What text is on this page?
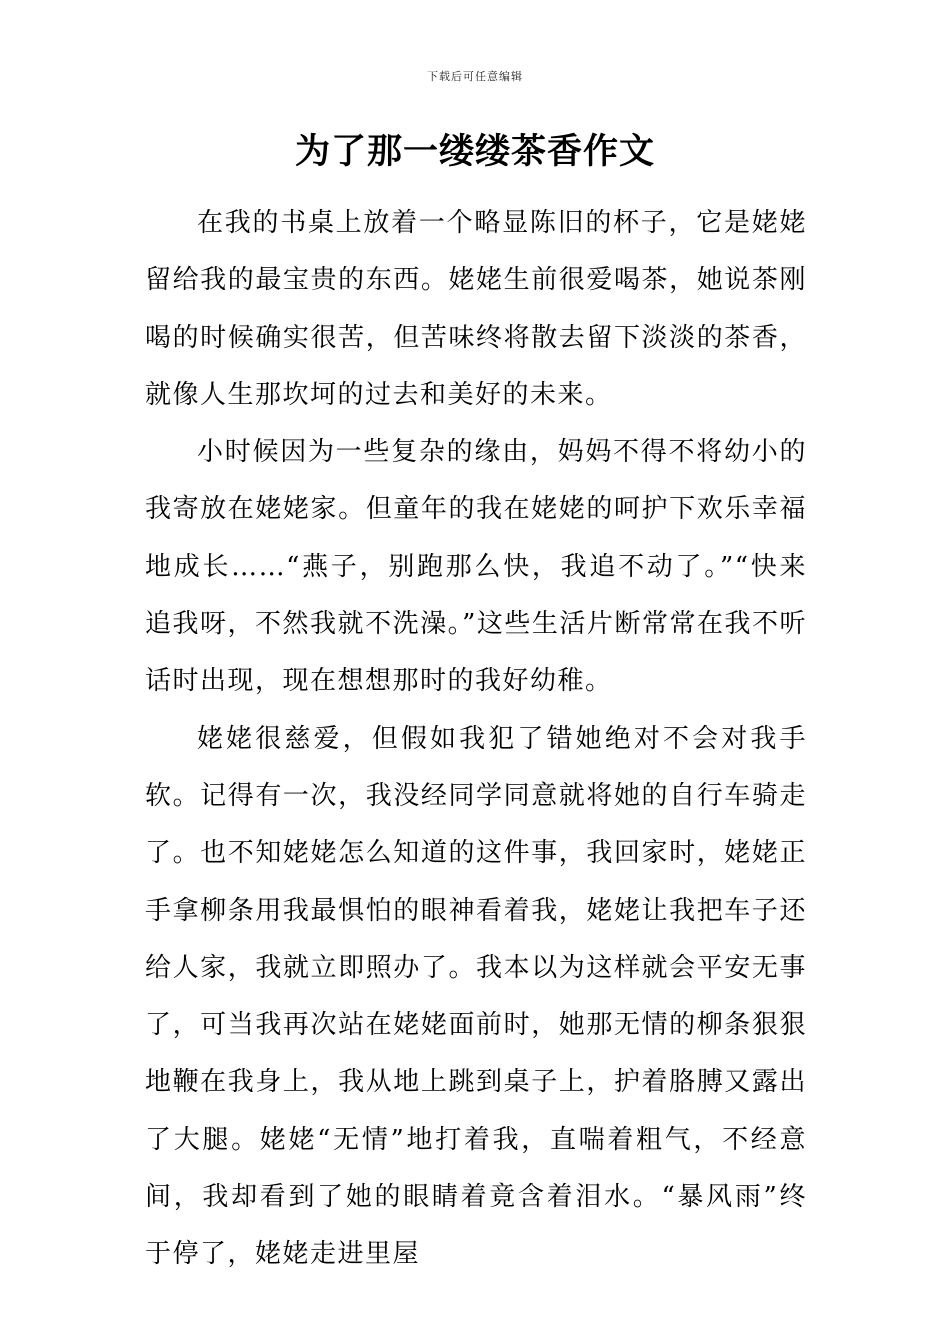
下载后可任意编辑
为了那一缕缕茶香作文

在我的书桌上放着一个略显陈旧的杯子，它是姥姥留给我的最宝贵的东西。姥姥生前很爱喝茶，她说茶刚喝的时候确实很苦，但苦味终将散去留下淡淡的茶香，就像人生那坎坷的过去和美好的未来。

小时候因为一些复杂的缘由，妈妈不得不将幼小的我寄放在姥姥家。但童年的我在姥姥的呵护下欢乐幸福地成长……“燕子，别跑那么快，我追不动了。”“快来追我呀，不然我就不洗澡。”这些生活片断常常在我不听话时出现，现在想想那时的我好幼稚。

姥姥很慈爱，但假如我犯了错她绝对不会对我手软。记得有一次，我没经同学同意就将她的自行车骑走了。也不知姥姥怎么知道的这件事，我回家时，姥姥正手拿柳条用我最惧怕的眼神看着我，姥姥让我把车子还给人家，我就立即照办了。我本以为这样就会平安无事了，可当我再次站在姥姥面前时，她那无情的柳条狠狠地鞭在我身上，我从地上跳到桌子上，护着胳膊又露出了大腿。姥姥“无情”地打着我，直喘着粗气，不经意间，我却看到了她的眼睛着竟含着泪水。“暴风雨”终于停了，姥姥走进里屋
